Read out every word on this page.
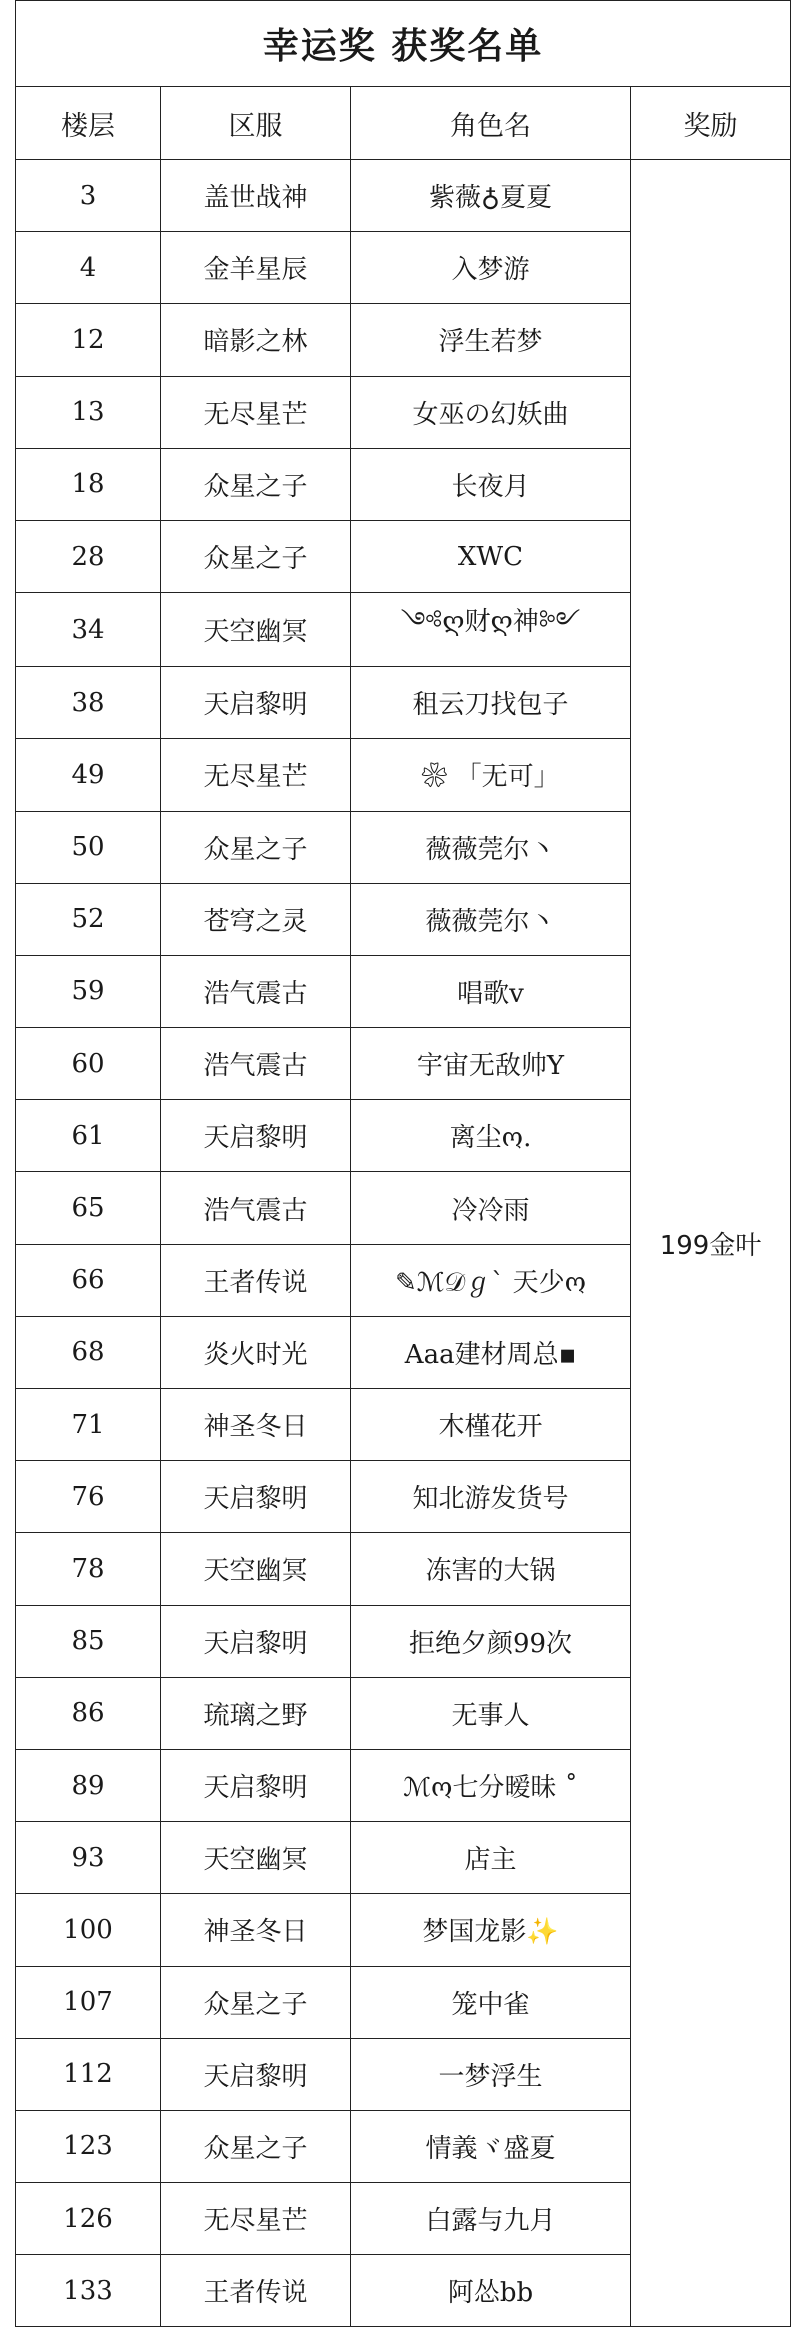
幸运奖 获奖名单			
楼层	区服	角色名	奖励
3	盖世战神	紫薇♁夏夏	199金叶
4	金羊星辰	入梦游	
12	暗影之林	浮生若梦	
13	无尽星芒	女巫の幻妖曲	
18	众星之子	长夜月	
28	众星之子	XWC	
34	天空幽冥	༺ღ财ღ神༻	
38	天启黎明	租云刀找包子	
49	无尽星芒	❀ 「无可」	
50	众星之子	薇薇莞尔丶	
52	苍穹之灵	薇薇莞尔丶	
59	浩气震古	唱歌v	
60	浩气震古	宇宙无敌帅Y	
61	天启黎明	离尘ო.	
65	浩气震古	冷冷雨	
66	王者传说	✎ℳ𝒟ℊ` 天少ო	
68	炎火时光	Aaa建材周总▪	
71	神圣冬日	木槿花开	
76	天启黎明	知北游发货号	
78	天空幽冥	冻害的大锅	
85	天启黎明	拒绝夕颜99次	
86	琉璃之野	无事人	
89	天启黎明	ℳო七分暧昧 ˚	
93	天空幽冥	店主	
100	神圣冬日	梦国龙影✨	
107	众星之子	笼中雀	
112	天启黎明	一梦浮生	
123	众星之子	情義ヾ盛夏	
126	无尽星芒	白露与九月	
133	王者传说	阿怂bb	
